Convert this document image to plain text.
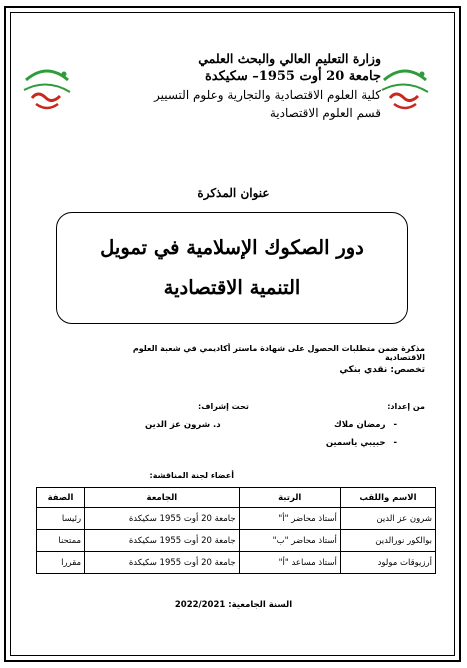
وزارة التعليم العالي والبحث العلمي
جامعة 20 أوت 1955– سكيكدة
كلية العلوم الاقتصادية والتجارية وعلوم التسيير
قسم العلوم الاقتصادية
عنوان المذكرة
دور الصكوك الإسلامية في تمويل التنمية الاقتصادية
مذكرة ضمن متطلبات الحصول على شهادة ماستر أكاديمي في شعبة العلوم الاقتصادية
تخصص: نقدي بنكي
من إعداد:
-رمضان ملاك
-حبيبي ياسمين
تحت إشراف:
د. شرون عز الدين
أعضاء لجنة المناقشة:
الاسم واللقب	الرتبة	الجامعة	الصفة
شرون عز الدين	أستاذ محاضر "أ"	جامعة 20 أوت 1955 سكيكدة	رئيسا
بوالكور نورالدين	أستاذ محاضر "ب"	جامعة 20 أوت 1955 سكيكدة	ممتحنا
أرزيوقات مولود	أستاذ مساعد "أ"	جامعة 20 أوت 1955 سكيكدة	مقررا
السنة الجامعية: 2022/2021
